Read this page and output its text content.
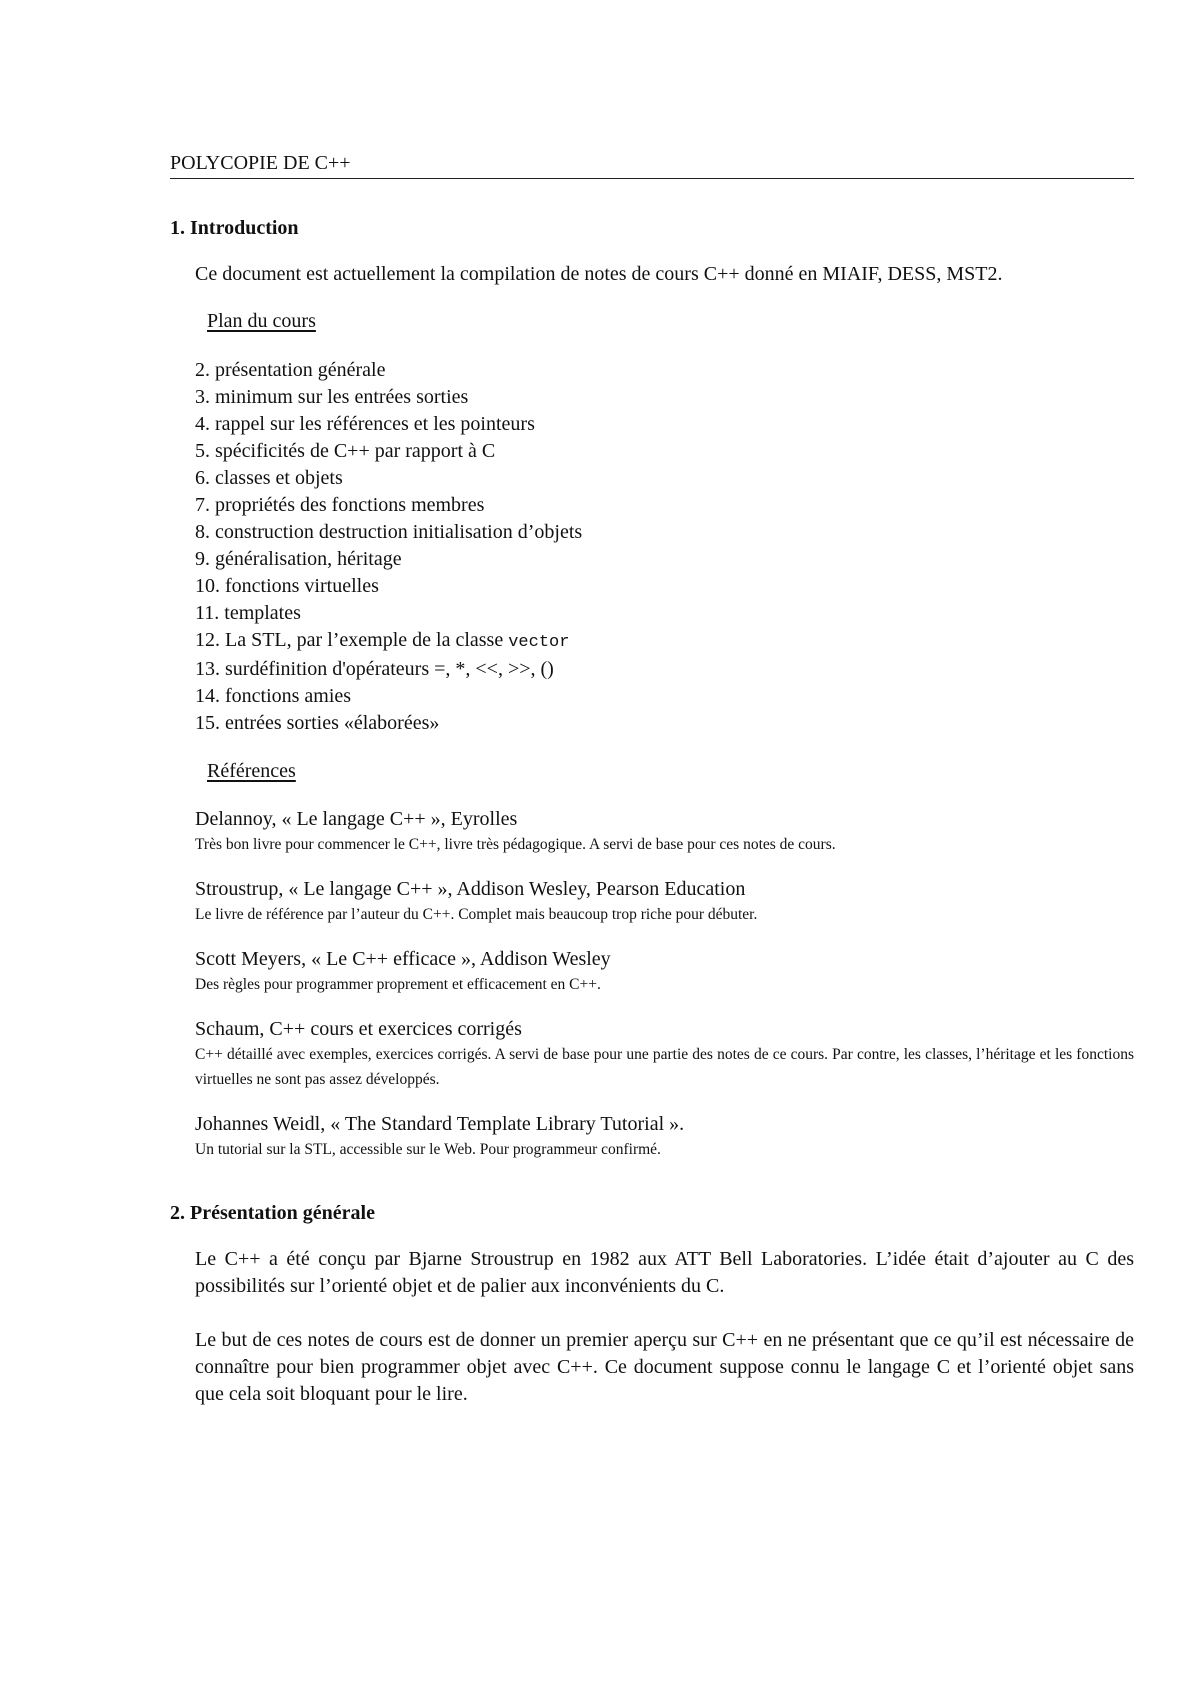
POLYCOPIE DE C++
1. Introduction
Ce document est actuellement la compilation de notes de cours C++ donné en MIAIF, DESS, MST2.
Plan du cours
2. présentation générale
3. minimum sur les entrées sorties
4. rappel sur les références et les pointeurs
5. spécificités de C++ par rapport à C
6. classes et objets
7. propriétés des fonctions membres
8. construction destruction initialisation d’objets
9. généralisation, héritage
10. fonctions virtuelles
11. templates
12. La STL, par l’exemple de la classe vector
13. surdéfinition d'opérateurs =, *, <<, >>, ()
14. fonctions amies
15. entrées sorties «élaborées»
Références
Delannoy, « Le langage C++ », Eyrolles
Très bon livre pour commencer le C++, livre très pédagogique. A servi de base pour ces notes de cours.
Stroustrup, « Le langage C++ », Addison Wesley, Pearson Education
Le livre de référence par l’auteur du C++. Complet mais beaucoup trop riche pour débuter.
Scott Meyers, « Le C++ efficace », Addison Wesley
Des règles pour programmer proprement et efficacement en C++.
Schaum, C++ cours et exercices corrigés
C++ détaillé avec exemples, exercices corrigés. A servi de base pour une partie des notes de ce cours. Par contre, les classes, l’héritage et les fonctions virtuelles ne sont pas assez développés.
Johannes Weidl, « The Standard Template Library Tutorial ».
Un tutorial sur la STL, accessible sur le Web. Pour programmeur confirmé.
2. Présentation générale
Le C++ a été conçu par Bjarne Stroustrup en 1982 aux ATT Bell Laboratories. L’idée était d’ajouter au C des possibilités sur l’orienté objet et de palier aux inconvénients du C.
Le but de ces notes de cours est de donner un premier aperçu sur C++ en ne présentant que ce qu’il est nécessaire de connaître pour bien programmer objet avec C++. Ce document suppose connu le langage C et l’orienté objet sans que cela soit bloquant pour le lire.
